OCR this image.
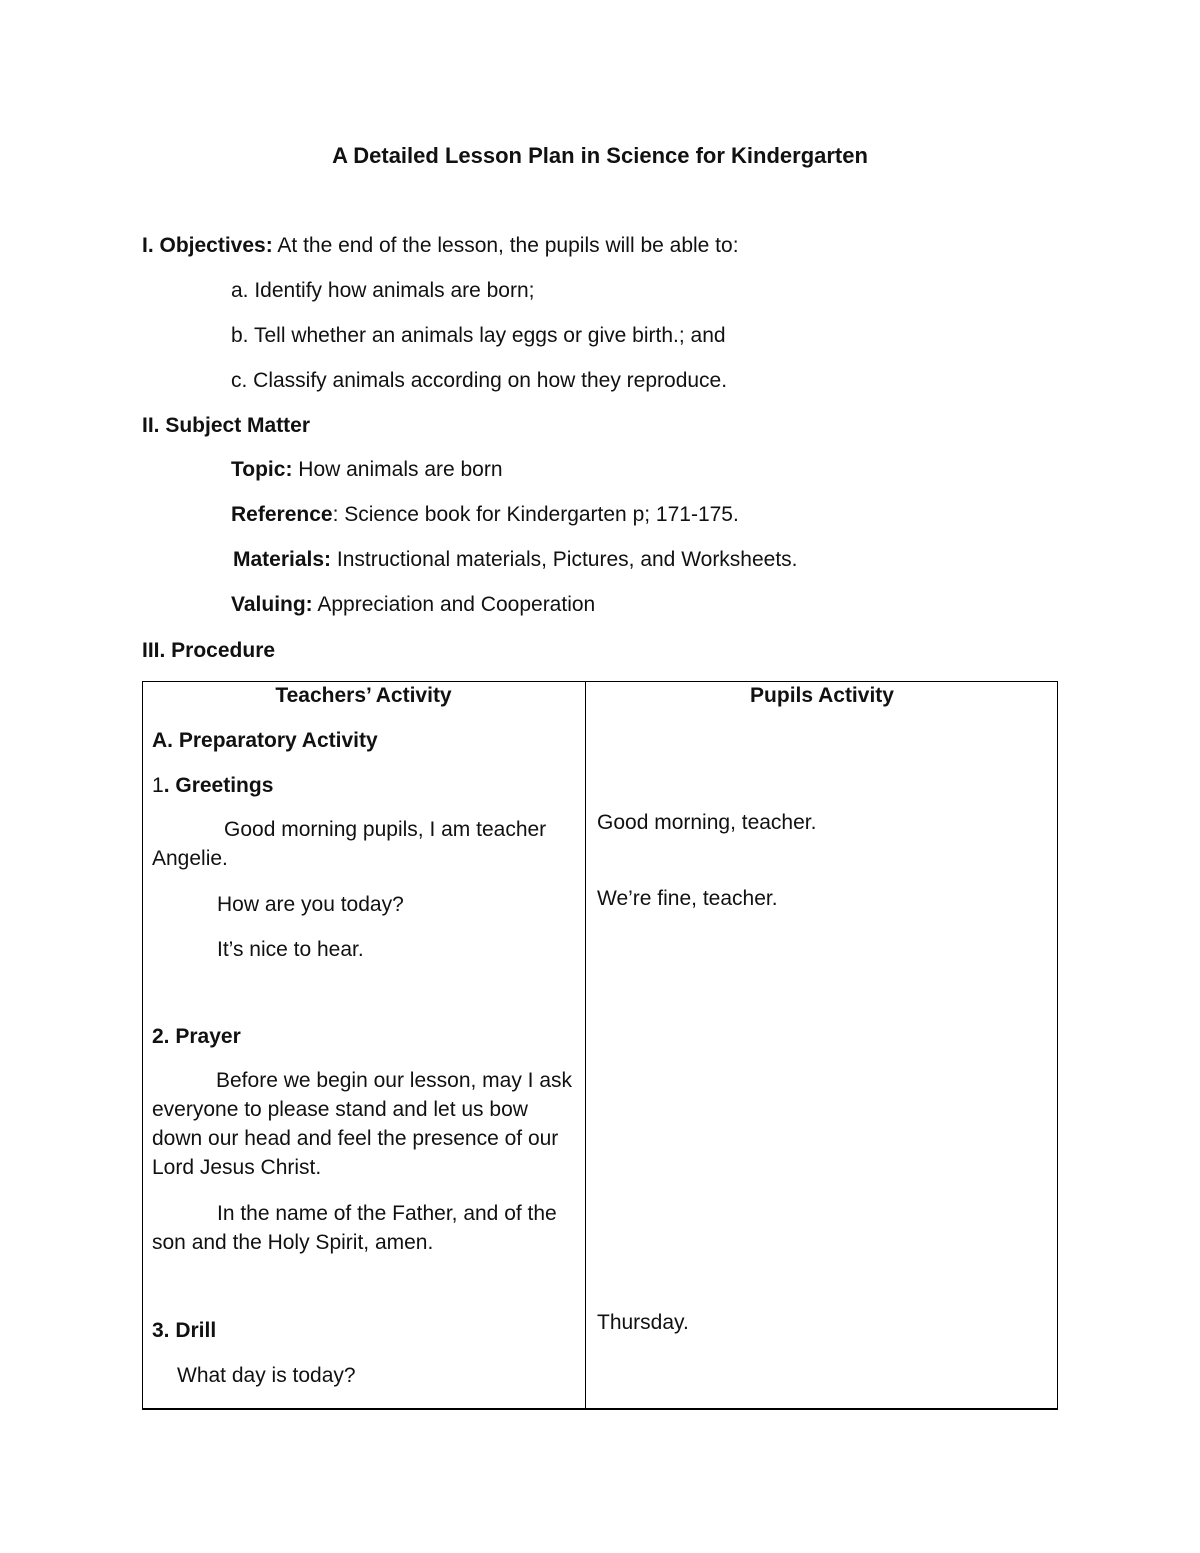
A Detailed Lesson Plan in Science for Kindergarten
I. Objectives: At the end of the lesson, the pupils will be able to:
a. Identify how animals are born;
b. Tell whether an animals lay eggs or give birth.; and
c. Classify animals according on how they reproduce.
II. Subject Matter
Topic: How animals are born
Reference: Science book for Kindergarten p; 171-175.
Materials: Instructional materials, Pictures, and Worksheets.
Valuing: Appreciation and Cooperation
III. Procedure
Teachers’ Activity	Pupils Activity
A. Preparatory Activity
1. Greetings
Good morning pupils, I am teacher Angelie.
How are you today?
It’s nice to hear.
2. Prayer
Before we begin our lesson, may I ask everyone to please stand and let us bow down our head and feel the presence of our Lord Jesus Christ.
In the name of the Father, and of the son and the Holy Spirit, amen.
3. Drill
What day is today?
Good morning, teacher.
We’re fine, teacher.
Thursday.
